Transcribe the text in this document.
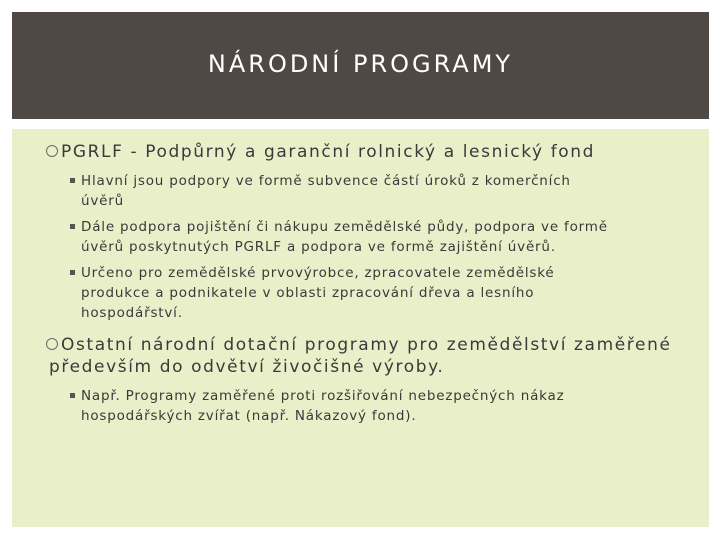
NÁRODNÍ PROGRAMY
PGRLF - Podpůrný a garanční rolnický a lesnický fond
Hlavní jsou podpory ve formě subvence částí úroků z komerčních
úvěrů
Dále podpora pojištění či nákupu zemědělské půdy, podpora ve formě
úvěrů poskytnutých PGRLF a podpora ve formě zajištění úvěrů.
Určeno pro zemědělské prvovýrobce, zpracovatele zemědělské
produkce a podnikatele v oblasti zpracování dřeva a lesního
hospodářství.
Ostatní národní dotační programy pro zemědělství zaměřené
především do odvětví živočišné výroby.
Např. Programy zaměřené proti rozšiřování nebezpečných nákaz
hospodářských zvířat (např. Nákazový fond).
